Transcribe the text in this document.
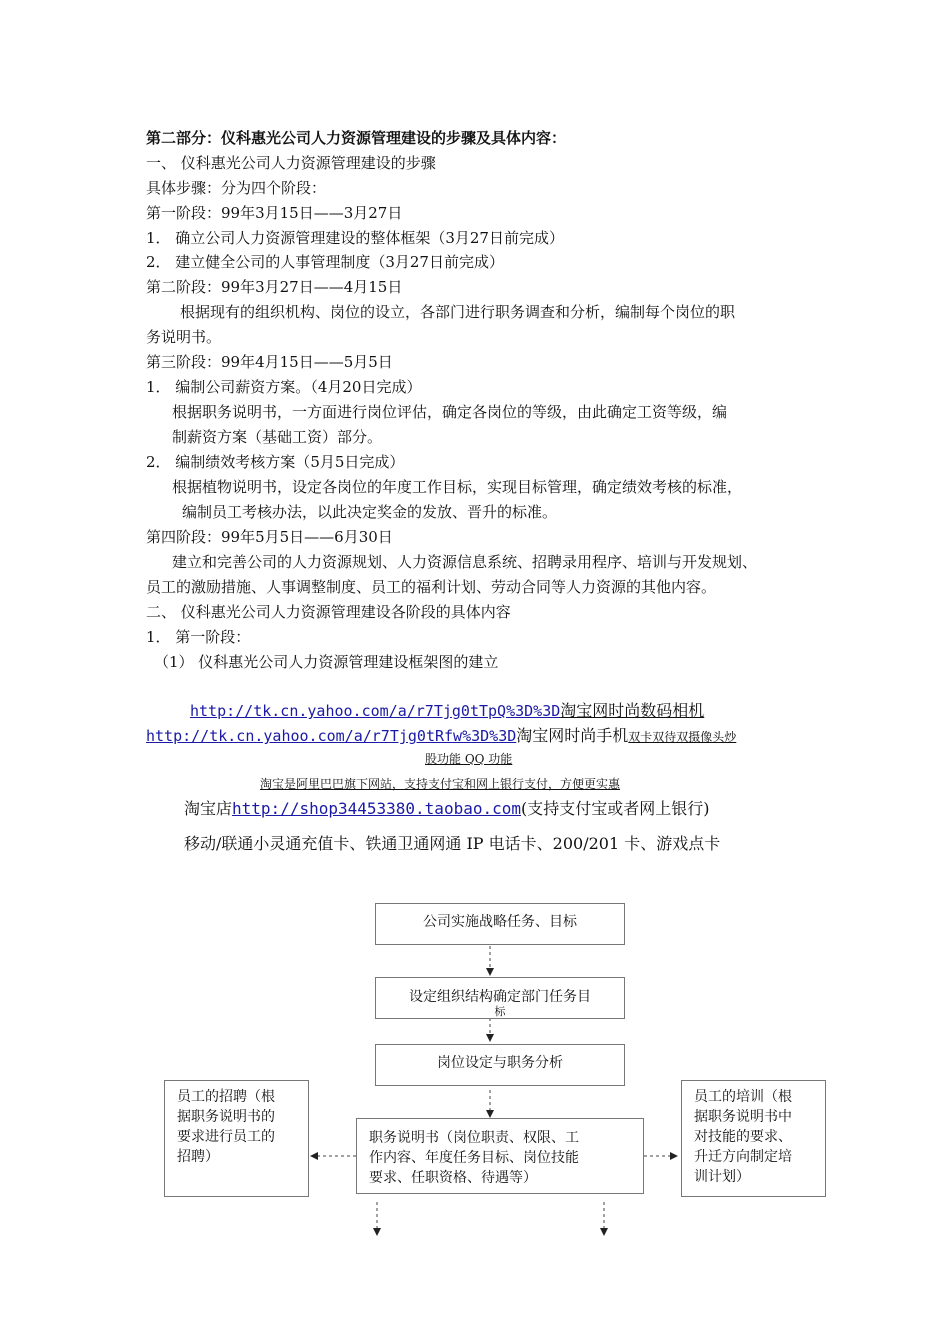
第二部分：仪科惠光公司人力资源管理建设的步骤及具体内容：
一、 仪科惠光公司人力资源管理建设的步骤
具体步骤：分为四个阶段：
第一阶段：99年3月15日——3月27日
1． 确立公司人力资源管理建设的整体框架（3月27日前完成）
2． 建立健全公司的人事管理制度（3月27日前完成）
第二阶段：99年3月27日——4月15日
根据现有的组织机构、岗位的设立，各部门进行职务调查和分析，编制每个岗位的职
务说明书。
第三阶段：99年4月15日——5月5日
1． 编制公司薪资方案。（4月20日完成）
根据职务说明书，一方面进行岗位评估，确定各岗位的等级，由此确定工资等级，编
制薪资方案（基础工资）部分。
2． 编制绩效考核方案（5月5日完成）
根据植物说明书，设定各岗位的年度工作目标，实现目标管理，确定绩效考核的标准，
编制员工考核办法，以此决定奖金的发放、晋升的标准。
第四阶段：99年5月5日——6月30日
建立和完善公司的人力资源规划、人力资源信息系统、招聘录用程序、培训与开发规划、
员工的激励措施、人事调整制度、员工的福利计划、劳动合同等人力资源的其他内容。
二、 仪科惠光公司人力资源管理建设各阶段的具体内容
1． 第一阶段：
（1） 仪科惠光公司人力资源管理建设框架图的建立
http://tk.cn.yahoo.com/a/r7Tjg0tTpQ%3D%3D淘宝网时尚数码相机
http://tk.cn.yahoo.com/a/r7Tjg0tRfw%3D%3D淘宝网时尚手机双卡双待双摄像头炒
股功能 QQ 功能
淘宝是阿里巴巴旗下网站，支持支付宝和网上银行支付，方便更实惠
淘宝店http://shop34453380.taobao.com(支持支付宝或者网上银行)
移动/联通小灵通充值卡、铁通卫通网通 IP 电话卡、200/201 卡、游戏点卡
公司实施战略任务、目标
设定组织结构确定部门任务目
标
岗位设定与职务分析
职务说明书（岗位职责、权限、工
作内容、年度任务目标、岗位技能
要求、任职资格、待遇等）
员工的招聘（根
据职务说明书的
要求进行员工的
招聘）
员工的培训（根
据职务说明书中
对技能的要求、
升迁方向制定培
训计划）
